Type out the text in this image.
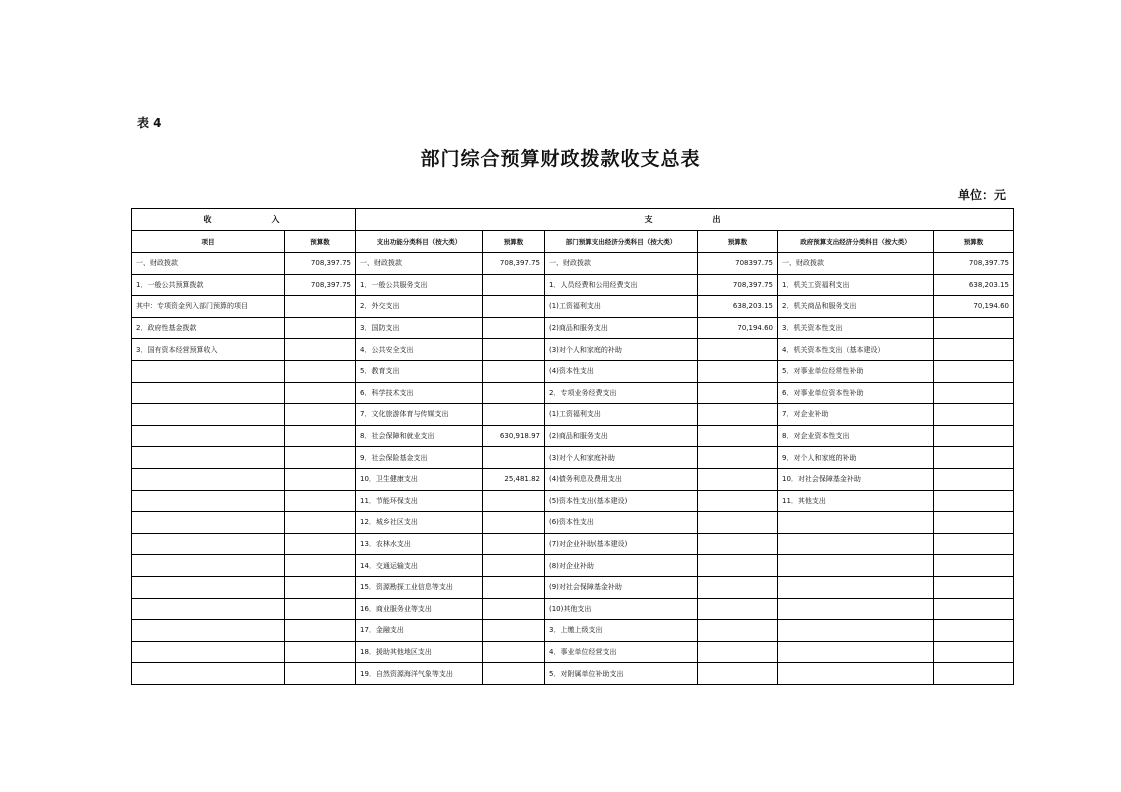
表 4
部门综合预算财政拨款收支总表
单位：元
收入		支出					
项目	预算数	支出功能分类科目（按大类）	预算数	部门预算支出经济分类科目（按大类）	预算数	政府预算支出经济分类科目（按大类）	预算数
一、财政拨款	708,397.75	一、财政拨款	708,397.75	一、财政拨款	708397.75	一、财政拨款	708,397.75
1．一般公共预算拨款	708,397.75	1．一般公共服务支出		1．人员经费和公用经费支出	708,397.75	1．机关工资福利支出	638,203.15
其中：专项资金列入部门预算的项目		2．外交支出		(1)工资福利支出	638,203.15	2．机关商品和服务支出	70,194.60
2．政府性基金拨款		3．国防支出		(2)商品和服务支出	70,194.60	3．机关资本性支出	
3．国有资本经营预算收入		4．公共安全支出		(3)对个人和家庭的补助		4．机关资本性支出（基本建设）	
		5．教育支出		(4)资本性支出		5．对事业单位经常性补助	
		6．科学技术支出		2．专项业务经费支出		6．对事业单位资本性补助	
		7．文化旅游体育与传媒支出		(1)工资福利支出		7．对企业补助	
		8．社会保障和就业支出	630,918.97	(2)商品和服务支出		8．对企业资本性支出	
		9．社会保险基金支出		(3)对个人和家庭补助		9．对个人和家庭的补助	
		10．卫生健康支出	25,481.82	(4)债务利息及费用支出		10．对社会保障基金补助	
		11．节能环保支出		(5)资本性支出(基本建设)		11．其他支出	
		12．城乡社区支出		(6)资本性支出			
		13．农林水支出		(7)对企业补助(基本建设)			
		14．交通运输支出		(8)对企业补助			
		15．资源勘探工业信息等支出		(9)对社会保障基金补助			
		16．商业服务业等支出		(10)其他支出			
		17．金融支出		3．上缴上级支出			
		18．援助其他地区支出		4．事业单位经营支出			
		19．自然资源海洋气象等支出		5．对附属单位补助支出			
